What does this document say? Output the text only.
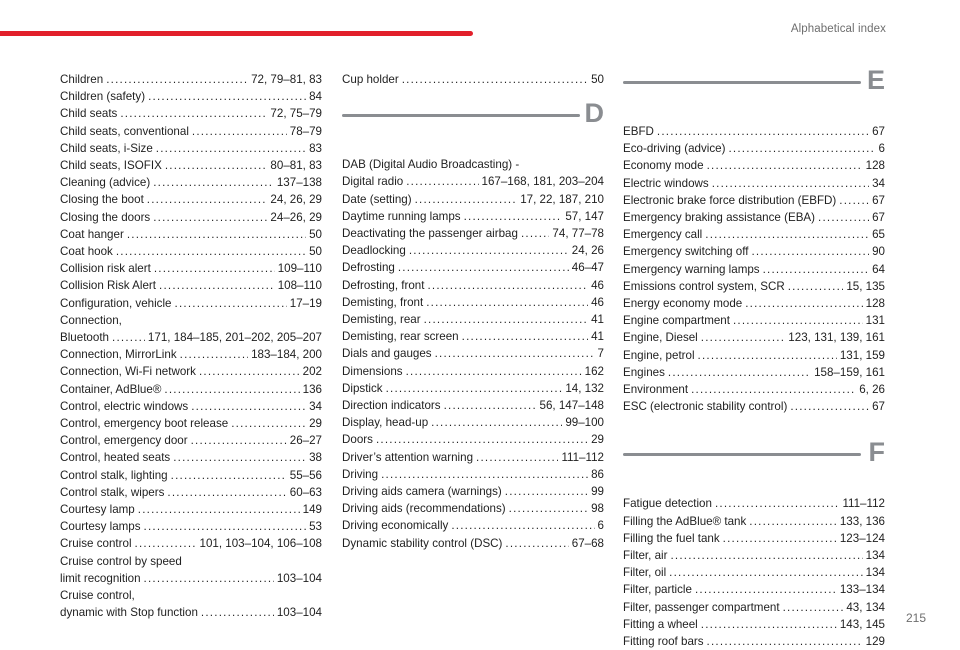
Alphabetical index
Children . . .	72, 79–81, 83
Children (safety) . . .	84
Child seats . . .	72, 75–79
Child seats, conventional . . .	78–79
Child seats, i-Size . . .	83
Child seats, ISOFIX . . .	80–81, 83
Cleaning (advice) . . .	137–138
Closing the boot . . .	24, 26, 29
Closing the doors . . .	24–26, 29
Coat hanger . . .	50
Coat hook . . .	50
Collision risk alert . . .	109–110
Collision Risk Alert . . .	108–110
Configuration, vehicle . . .	17–19
Connection,
Bluetooth . . .	171, 184–185, 201–202, 205–207
Connection, MirrorLink . . .	183–184, 200
Connection, Wi-Fi network . . .	202
Container, AdBlue® . . .	136
Control, electric windows . . .	34
Control, emergency boot release . . .	29
Control, emergency door . . .	26–27
Control, heated seats . . .	38
Control stalk, lighting . . .	55–56
Control stalk, wipers . . .	60–63
Courtesy lamp . . .	149
Courtesy lamps . . .	53
Cruise control . . .	101, 103–104, 106–108
Cruise control by speed
limit recognition . . .	103–104
Cruise control,
dynamic with Stop function . . .	103–104
Cup holder . . .	50
D
DAB (Digital Audio Broadcasting) -
Digital radio . . .	167–168, 181, 203–204
Date (setting) . . .	17, 22, 187, 210
Daytime running lamps . . .	57, 147
Deactivating the passenger airbag . . .	74, 77–78
Deadlocking . . .	24, 26
Defrosting . . .	46–47
Defrosting, front . . .	46
Demisting, front . . .	46
Demisting, rear . . .	41
Demisting, rear screen . . .	41
Dials and gauges . . .	7
Dimensions . . .	162
Dipstick . . .	14, 132
Direction indicators . . .	56, 147–148
Display, head-up . . .	99–100
Doors . . .	29
Driver’s attention warning . . .	111–112
Driving . . .	86
Driving aids camera (warnings) . . .	99
Driving aids (recommendations) . . .	98
Driving economically . . .	6
Dynamic stability control (DSC) . . .	67–68
E
EBFD . . .	67
Eco-driving (advice) . . .	6
Economy mode . . .	128
Electric windows . . .	34
Electronic brake force distribution (EBFD) . . .	67
Emergency braking assistance (EBA) . . .	67
Emergency call . . .	65
Emergency switching off . . .	90
Emergency warning lamps . . .	64
Emissions control system, SCR . . .	15, 135
Energy economy mode . . .	128
Engine compartment . . .	131
Engine, Diesel . . .	123, 131, 139, 161
Engine, petrol . . .	131, 159
Engines . . .	158–159, 161
Environment . . .	6, 26
ESC (electronic stability control) . . .	67
F
Fatigue detection . . .	111–112
Filling the AdBlue® tank . . .	133, 136
Filling the fuel tank . . .	123–124
Filter, air . . .	134
Filter, oil . . .	134
Filter, particle . . .	133–134
Filter, passenger compartment . . .	43, 134
Fitting a wheel . . .	143, 145
Fitting roof bars . . .	129
215
